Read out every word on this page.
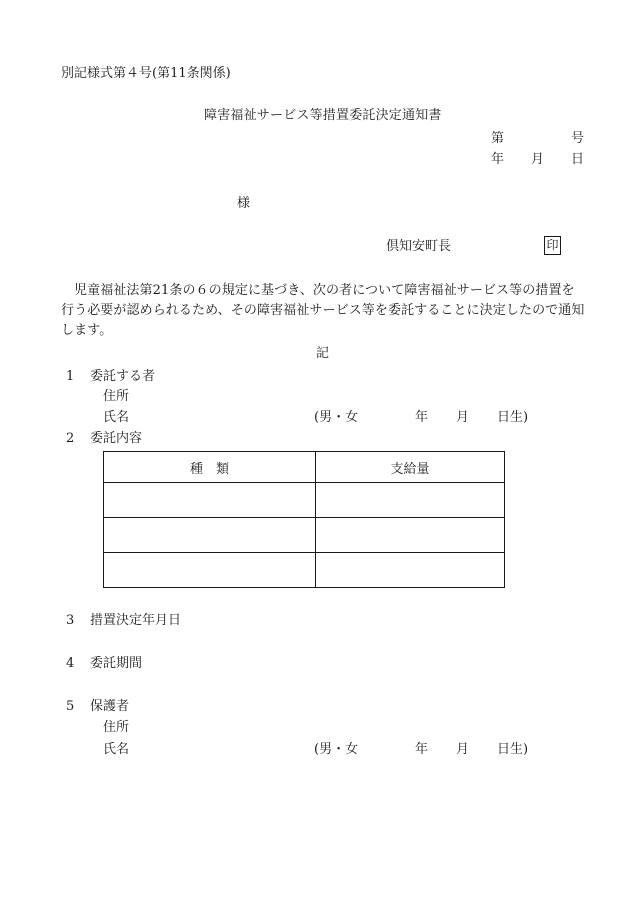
別記様式第４号(第11条関係)
障害福祉サービス等措置委託決定通知書
第	号
年 月 日
様
倶知安町長	印
児童福祉法第21条の６の規定に基づき、次の者について障害福祉サービス等の措置を行う必要が認められるため、その障害福祉サービス等を委託することに決定したので通知します。
記
1 委託する者
住所
氏名	(男・女	年 月 日生)
2 委託内容
種　類	支給量

3 措置決定年月日
4 委託期間
5 保護者
住所
氏名	(男・女	年 月 日生)
